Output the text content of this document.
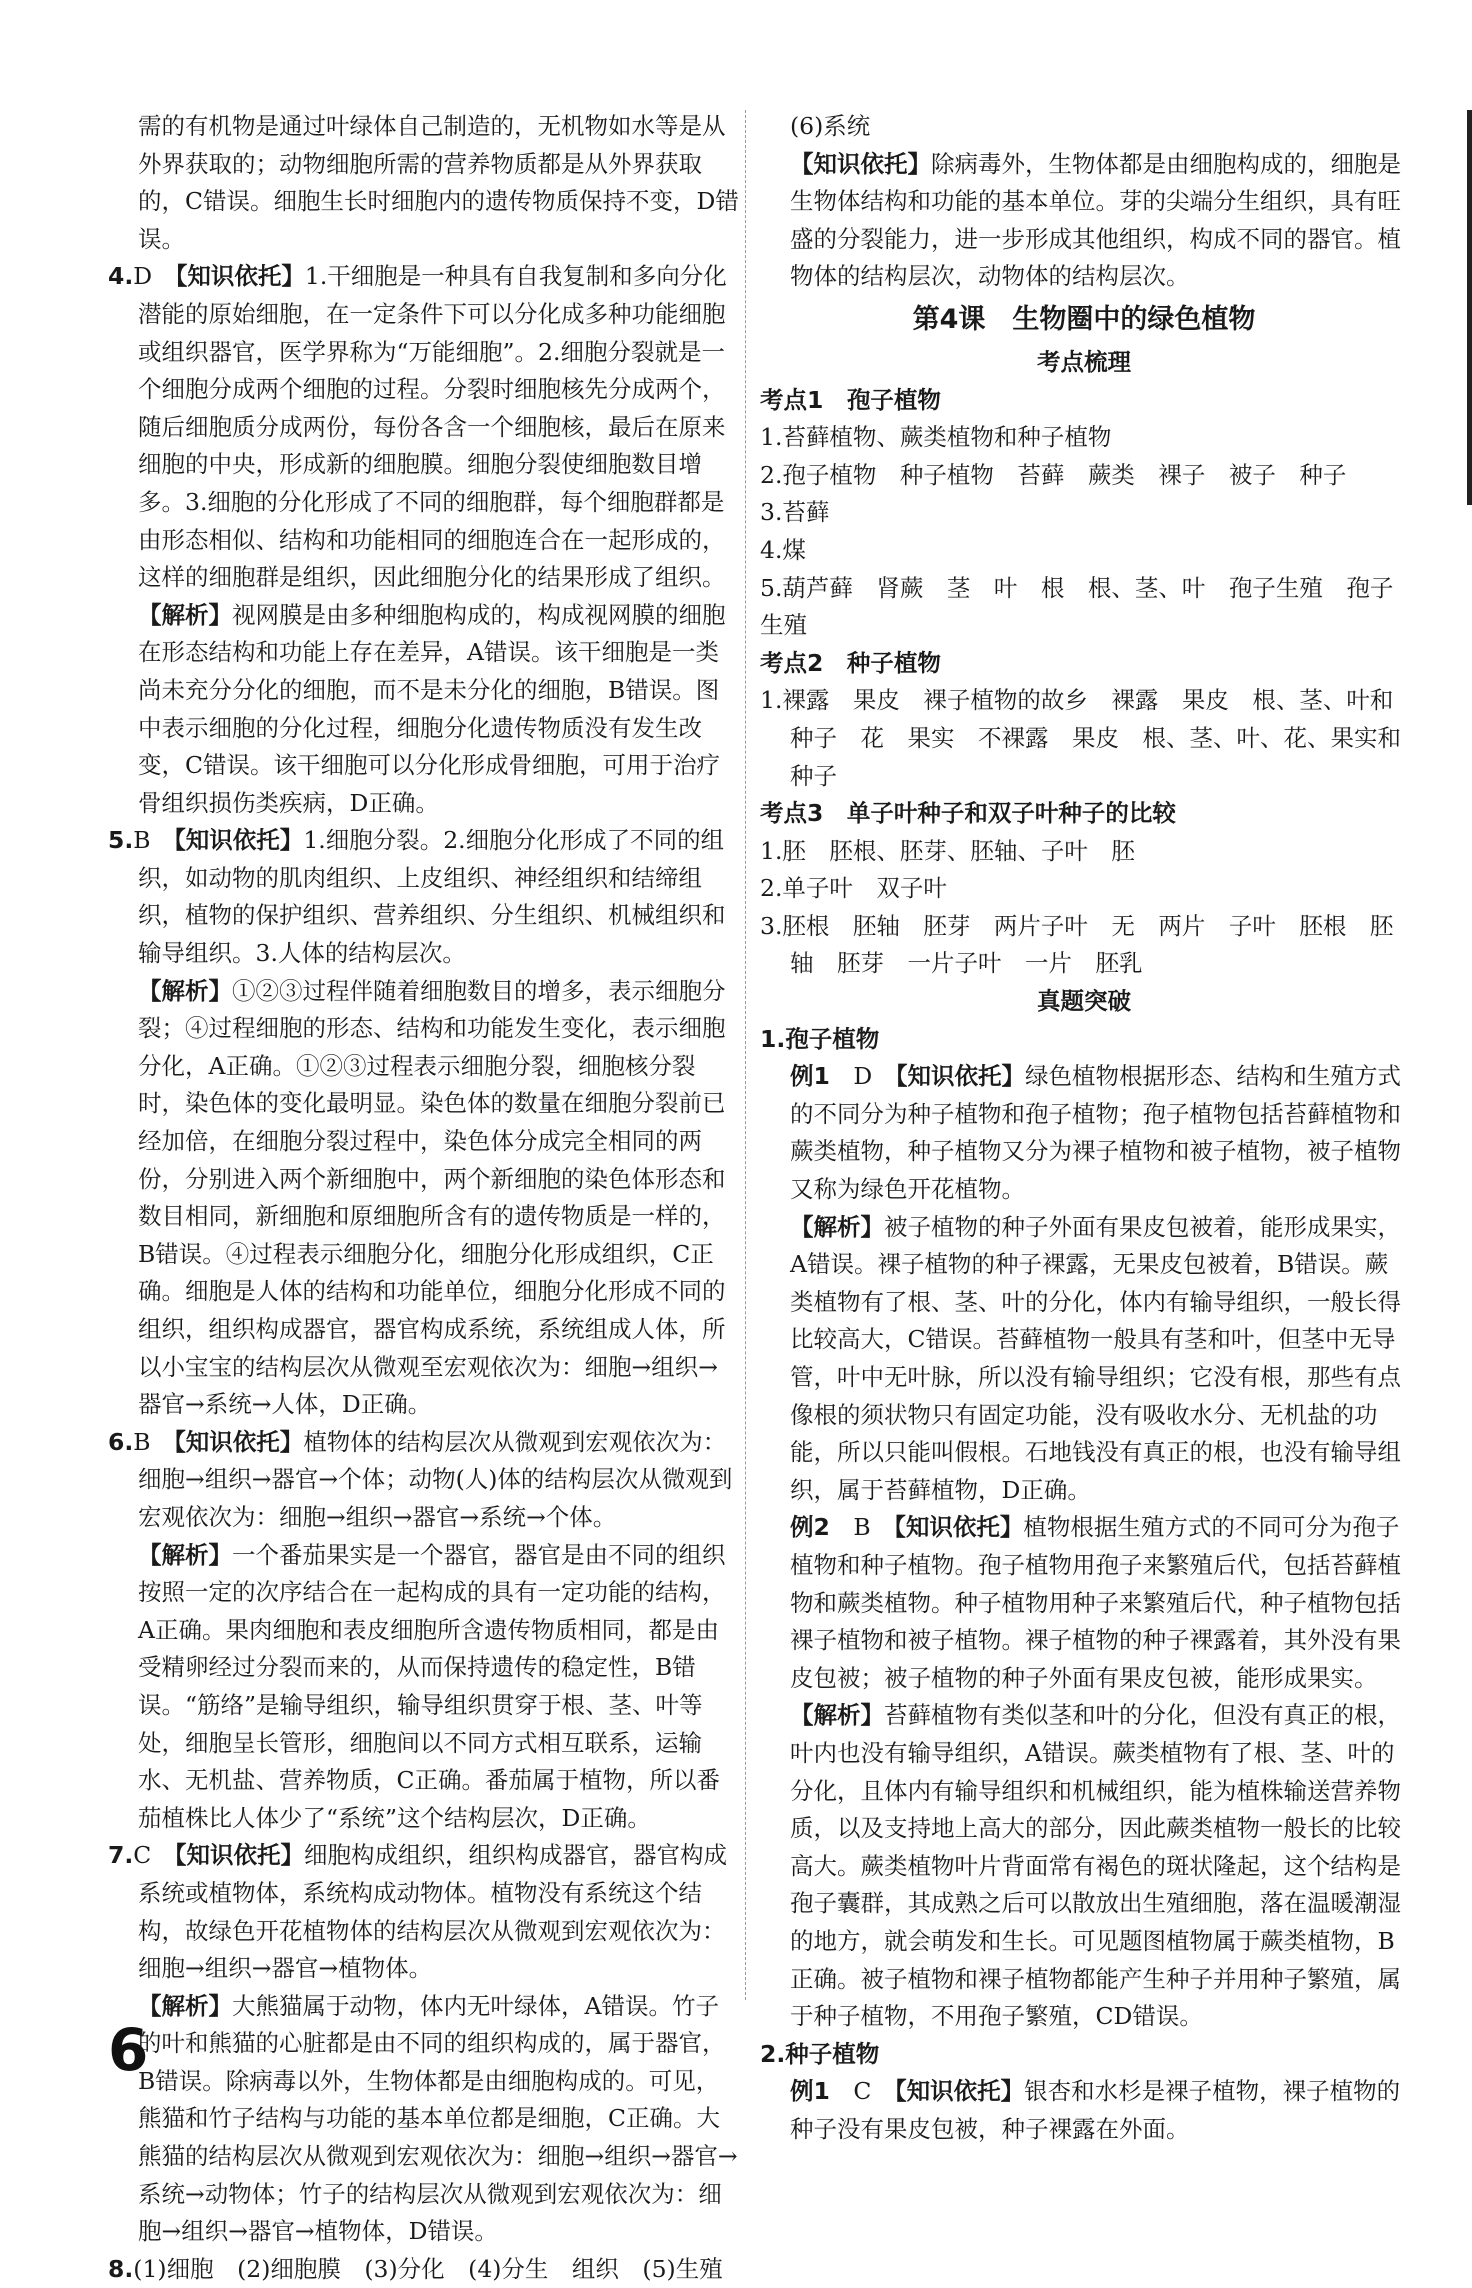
需的有机物是通过叶绿体自己制造的，无机物如水等是从外界获取的；动物细胞所需的营养物质都是从外界获取的，C错误。细胞生长时细胞内的遗传物质保持不变，D错误。

4.D　 【知识依托】1.干细胞是一种具有自我复制和多向分化潜能的原始细胞，在一定条件下可以分化成多种功能细胞或组织器官，医学界称为“万能细胞”。2.细胞分裂就是一个细胞分成两个细胞的过程。分裂时细胞核先分成两个，随后细胞质分成两份，每份各含一个细胞核，最后在原来细胞的中央，形成新的细胞膜。细胞分裂使细胞数目增多。3.细胞的分化形成了不同的细胞群，每个细胞群都是由形态相似、结构和功能相同的细胞连合在一起形成的，这样的细胞群是组织，因此细胞分化的结果形成了组织。

【解析】视网膜是由多种细胞构成的，构成视网膜的细胞在形态结构和功能上存在差异，A错误。该干细胞是一类尚未充分分化的细胞，而不是未分化的细胞，B错误。图中表示细胞的分化过程，细胞分化遗传物质没有发生改变，C错误。该干细胞可以分化形成骨细胞，可用于治疗骨组织损伤类疾病，D正确。

5.B　 【知识依托】1.细胞分裂。2.细胞分化形成了不同的组织，如动物的肌肉组织、上皮组织、神经组织和结缔组织，植物的保护组织、营养组织、分生组织、机械组织和输导组织。3.人体的结构层次。

【解析】①②③过程伴随着细胞数目的增多，表示细胞分裂；④过程细胞的形态、结构和功能发生变化，表示细胞分化，A正确。①②③过程表示细胞分裂，细胞核分裂时，染色体的变化最明显。染色体的数量在细胞分裂前已经加倍，在细胞分裂过程中，染色体分成完全相同的两份，分别进入两个新细胞中，两个新细胞的染色体形态和数目相同，新细胞和原细胞所含有的遗传物质是一样的，B错误。④过程表示细胞分化，细胞分化形成组织，C正确。细胞是人体的结构和功能单位，细胞分化形成不同的组织，组织构成器官，器官构成系统，系统组成人体，所以小宝宝的结构层次从微观至宏观依次为：细胞→组织→器官→系统→人体，D正确。

6.B　 【知识依托】植物体的结构层次从微观到宏观依次为：细胞→组织→器官→个体；动物(人)体的结构层次从微观到宏观依次为：细胞→组织→器官→系统→个体。

【解析】一个番茄果实是一个器官，器官是由不同的组织按照一定的次序结合在一起构成的具有一定功能的结构，A正确。果肉细胞和表皮细胞所含遗传物质相同，都是由受精卵经过分裂而来的，从而保持遗传的稳定性，B错误。“筋络”是输导组织，输导组织贯穿于根、茎、叶等处，细胞呈长管形，细胞间以不同方式相互联系，运输水、无机盐、营养物质，C正确。番茄属于植物，所以番茄植株比人体少了“系统”这个结构层次，D正确。

7.C　 【知识依托】细胞构成组织，组织构成器官，器官构成系统或植物体，系统构成动物体。植物没有系统这个结构，故绿色开花植物体的结构层次从微观到宏观依次为：细胞→组织→器官→植物体。

【解析】大熊猫属于动物，体内无叶绿体，A错误。竹子的叶和熊猫的心脏都是由不同的组织构成的，属于器官，B错误。除病毒以外，生物体都是由细胞构成的。可见，熊猫和竹子结构与功能的基本单位都是细胞，C正确。大熊猫的结构层次从微观到宏观依次为：细胞→组织→器官→系统→动物体；竹子的结构层次从微观到宏观依次为：细胞→组织→器官→植物体，D错误。

8.(1)细胞　(2)细胞膜　(3)分化　(4)分生　组织　(5)生殖

(6)系统

【知识依托】除病毒外，生物体都是由细胞构成的，细胞是生物体结构和功能的基本单位。芽的尖端分生组织，具有旺盛的分裂能力，进一步形成其他组织，构成不同的器官。植物体的结构层次，动物体的结构层次。

第4课　生物圈中的绿色植物
考点梳理

考点1　孢子植物

1.苔藓植物、蕨类植物和种子植物

2.孢子植物　种子植物　苔藓　蕨类　裸子　被子　种子

3.苔藓

4.煤

5.葫芦藓　肾蕨　茎　叶　根　根、茎、叶　孢子生殖　孢子生殖

考点2　种子植物

1.裸露　果皮　裸子植物的故乡　裸露　果皮　根、茎、叶和种子　花　果实　不裸露　果皮　根、茎、叶、花、果实和种子

考点3　单子叶种子和双子叶种子的比较

1.胚　胚根、胚芽、胚轴、子叶　胚

2.单子叶　双子叶

3.胚根　胚轴　胚芽　两片子叶　无　两片　子叶　胚根　胚轴　胚芽　一片子叶　一片　胚乳

真题突破

1.孢子植物

例1　 D　 【知识依托】绿色植物根据形态、结构和生殖方式的不同分为种子植物和孢子植物；孢子植物包括苔藓植物和蕨类植物，种子植物又分为裸子植物和被子植物，被子植物又称为绿色开花植物。

【解析】被子植物的种子外面有果皮包被着，能形成果实，A错误。裸子植物的种子裸露，无果皮包被着，B错误。蕨类植物有了根、茎、叶的分化，体内有输导组织，一般长得比较高大，C错误。苔藓植物一般具有茎和叶，但茎中无导管，叶中无叶脉，所以没有输导组织；它没有根，那些有点像根的须状物只有固定功能，没有吸收水分、无机盐的功能，所以只能叫假根。石地钱没有真正的根，也没有输导组织，属于苔藓植物，D正确。

例2　 B　 【知识依托】植物根据生殖方式的不同可分为孢子植物和种子植物。孢子植物用孢子来繁殖后代，包括苔藓植物和蕨类植物。种子植物用种子来繁殖后代，种子植物包括裸子植物和被子植物。裸子植物的种子裸露着，其外没有果皮包被；被子植物的种子外面有果皮包被，能形成果实。

【解析】苔藓植物有类似茎和叶的分化，但没有真正的根，叶内也没有输导组织，A错误。蕨类植物有了根、茎、叶的分化，且体内有输导组织和机械组织，能为植株输送营养物质，以及支持地上高大的部分，因此蕨类植物一般长的比较高大。蕨类植物叶片背面常有褐色的斑状隆起，这个结构是孢子囊群，其成熟之后可以散放出生殖细胞，落在温暖潮湿的地方，就会萌发和生长。可见题图植物属于蕨类植物，B正确。被子植物和裸子植物都能产生种子并用种子繁殖，属于种子植物，不用孢子繁殖，CD错误。

2.种子植物

例1　 C　 【知识依托】银杏和水杉是裸子植物，裸子植物的种子没有果皮包被，种子裸露在外面。

6
